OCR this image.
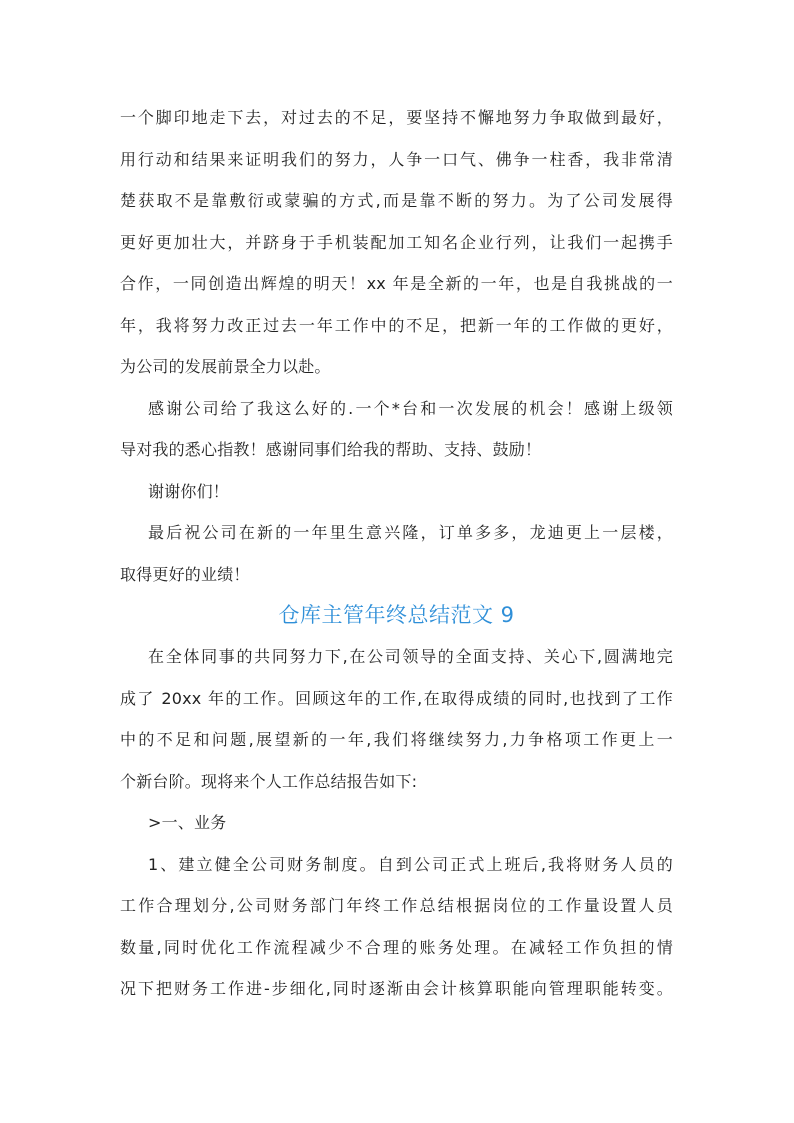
一个脚印地走下去，对过去的不足，要坚持不懈地努力争取做到最好，
用行动和结果来证明我们的努力，人争一口气、佛争一柱香，我非常清
楚获取不是靠敷衍或蒙骗的方式,而是靠不断的努力。为了公司发展得
更好更加壮大，并跻身于手机装配加工知名企业行列，让我们一起携手
合作，一同创造出辉煌的明天！xx 年是全新的一年，也是自我挑战的一
年，我将努力改正过去一年工作中的不足，把新一年的工作做的更好，
为公司的发展前景全力以赴。
感谢公司给了我这么好的.一个*台和一次发展的机会！感谢上级领
导对我的悉心指教！感谢同事们给我的帮助、支持、鼓励！
谢谢你们！
最后祝公司在新的一年里生意兴隆，订单多多，龙迪更上一层楼，
取得更好的业绩！
仓库主管年终总结范文 9
在全体同事的共同努力下,在公司领导的全面支持、关心下,圆满地完
成了 20xx 年的工作。回顾这年的工作,在取得成绩的同时,也找到了工作
中的不足和问题,展望新的一年,我们将继续努力,力争格项工作更上一
个新台阶。现将来个人工作总结报告如下:
>一、业务
1、建立健全公司财务制度。自到公司正式上班后,我将财务人员的
工作合理划分,公司财务部门年终工作总结根据岗位的工作量设置人员
数量,同时优化工作流程减少不合理的账务处理。在减轻工作负担的情
况下把财务工作进-步细化,同时逐渐由会计核算职能向管理职能转变。
